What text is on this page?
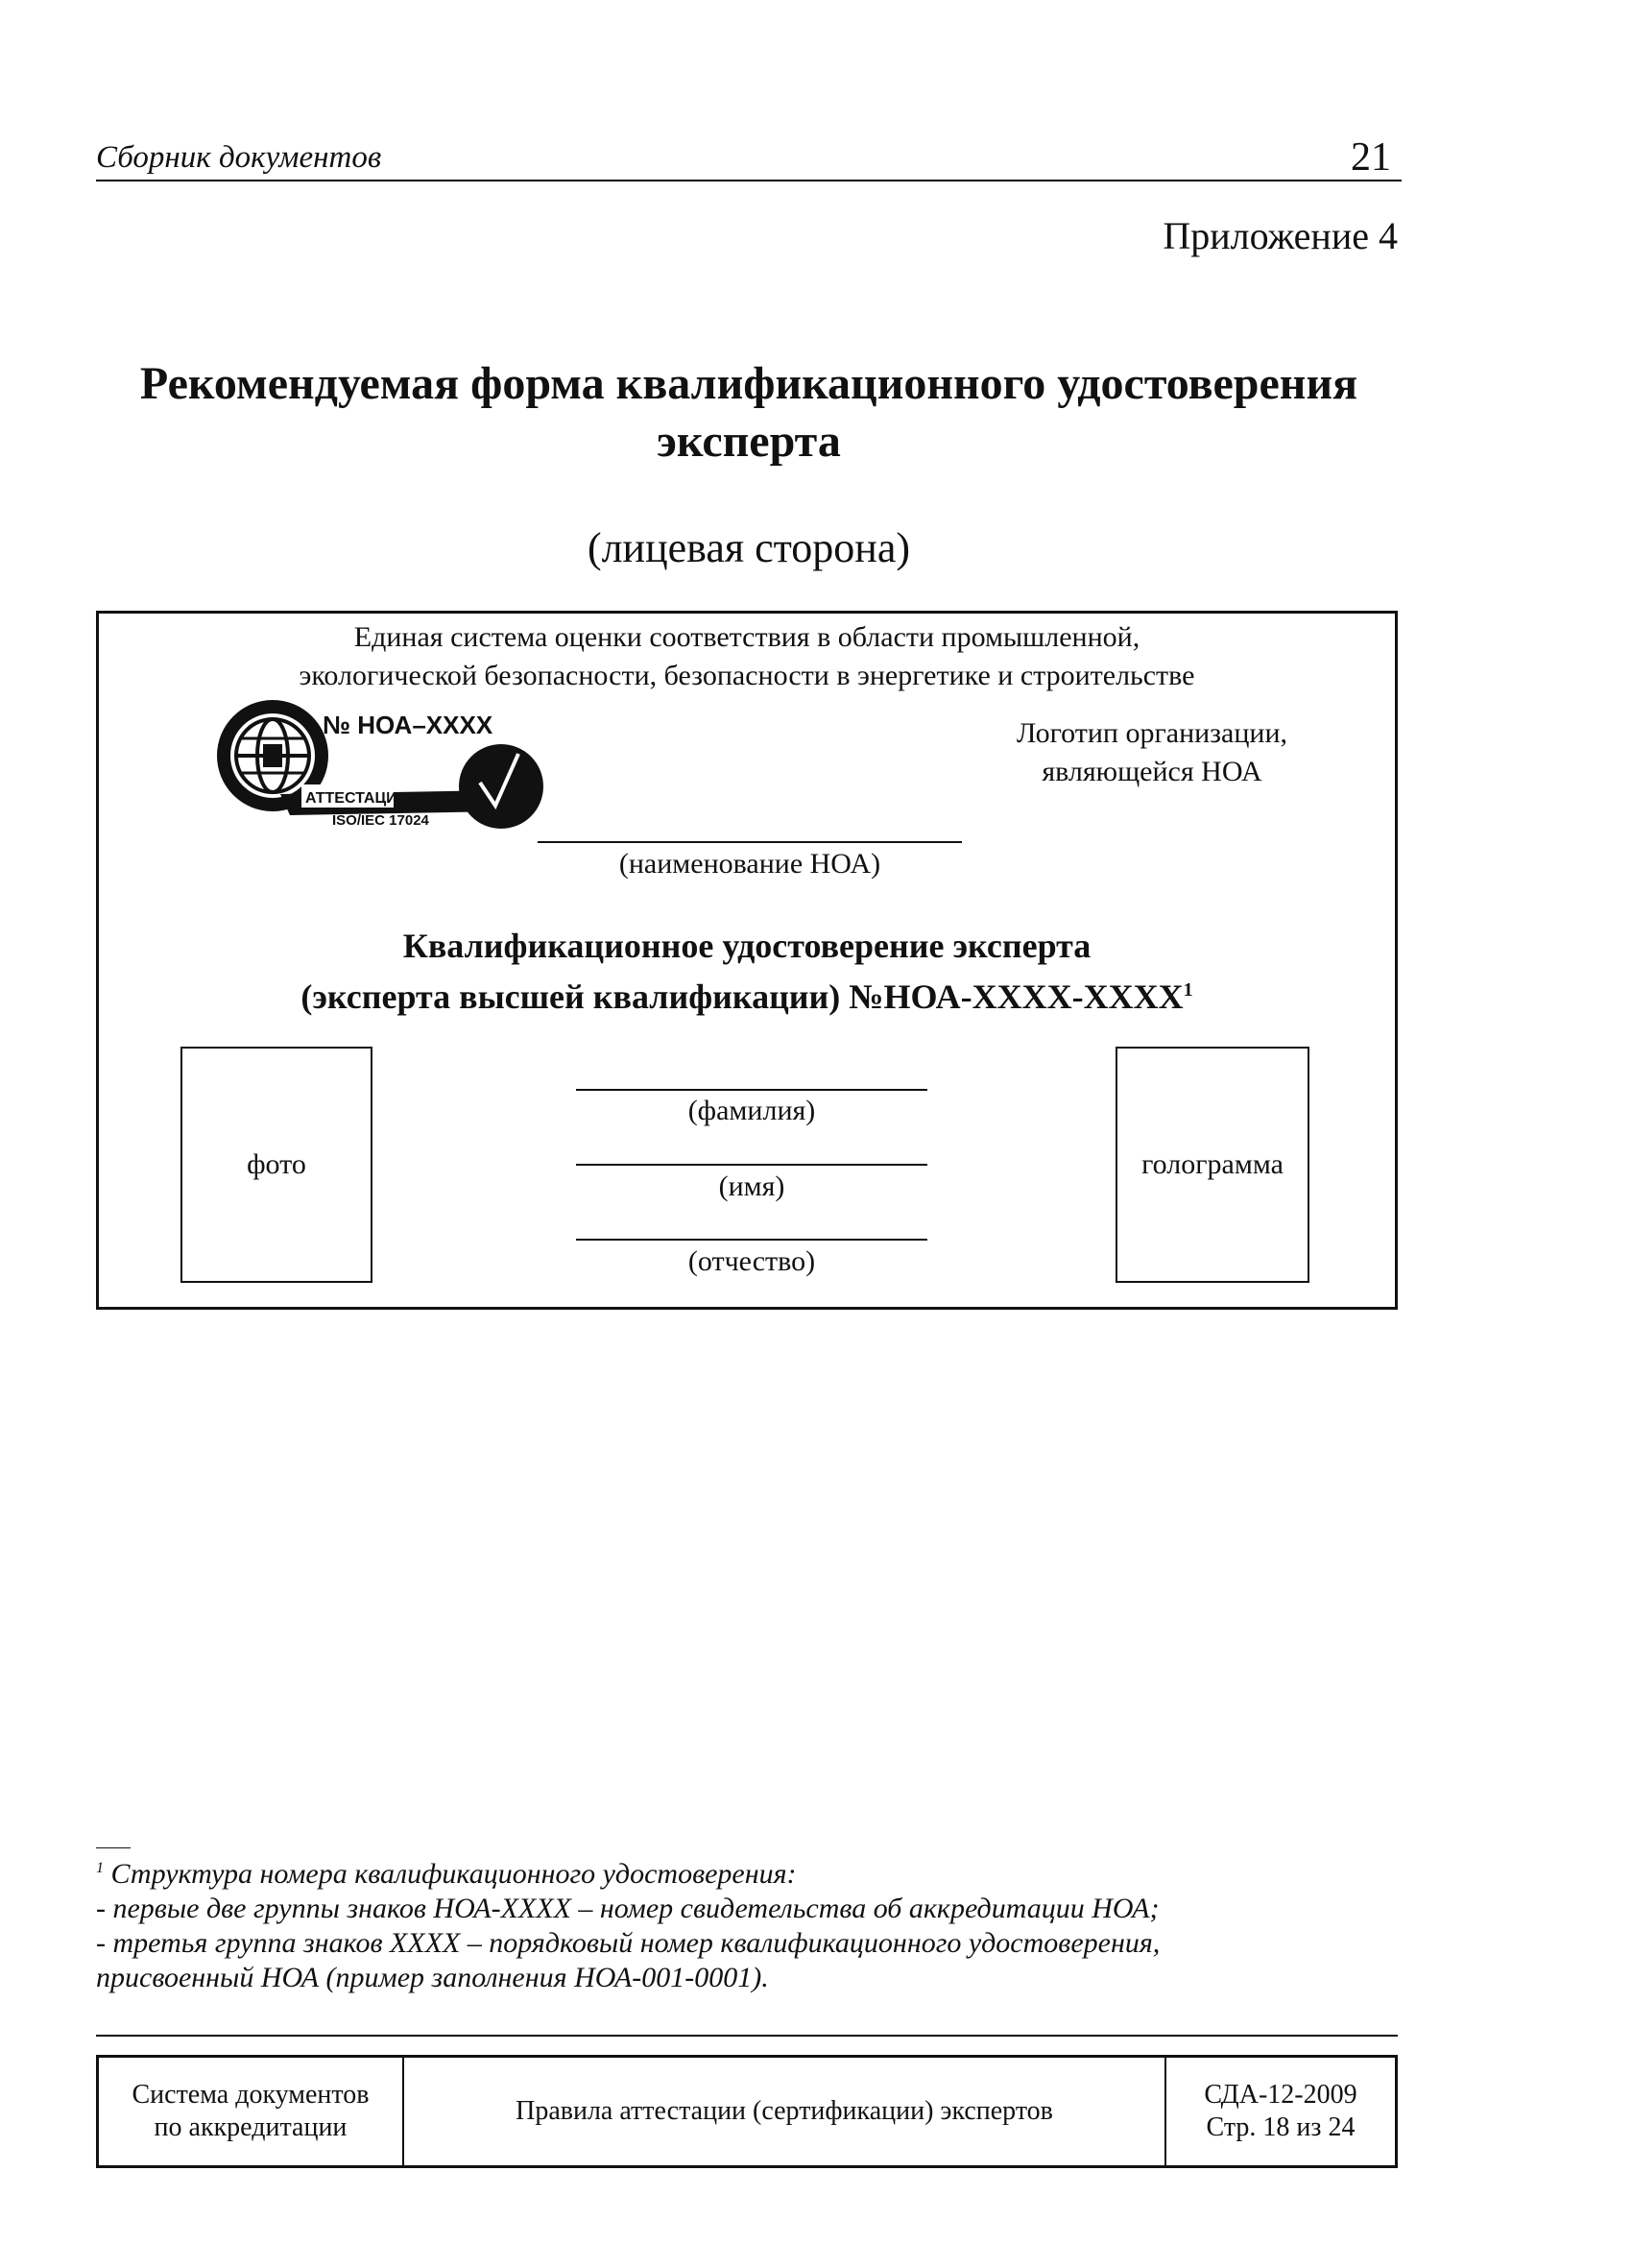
Сборник документов	21
Приложение 4
Рекомендуемая форма квалификационного удостоверения
эксперта
(лицевая сторона)
Единая система оценки соответствия в области промышленной,
экологической безопасности, безопасности в энергетике и строительстве
АТТЕСТАЦИЯ
№ НОА–XXXX
ISO/IEC 17024
Логотип организации,
являющейся НОА
(наименование НОА)
Квалификационное удостоверение эксперта
(эксперта высшей квалификации) №НОА-XXXX-XXXX$^1$
фото	голограмма
(фамилия)
(имя)
(отчество)
$^1$ Структура номера квалификационного удостоверения:
- первые две группы знаков НОА-XXXX – номер свидетельства об аккредитации НОА;
- третья группа знаков XXXX – порядковый номер квалификационного удостоверения,
присвоенный НОА (пример заполнения НОА-001-0001).
Система документов
по аккредитации
Правила аттестации (сертификации) экспертов
СДА-12-2009
Стр. 18 из 24
